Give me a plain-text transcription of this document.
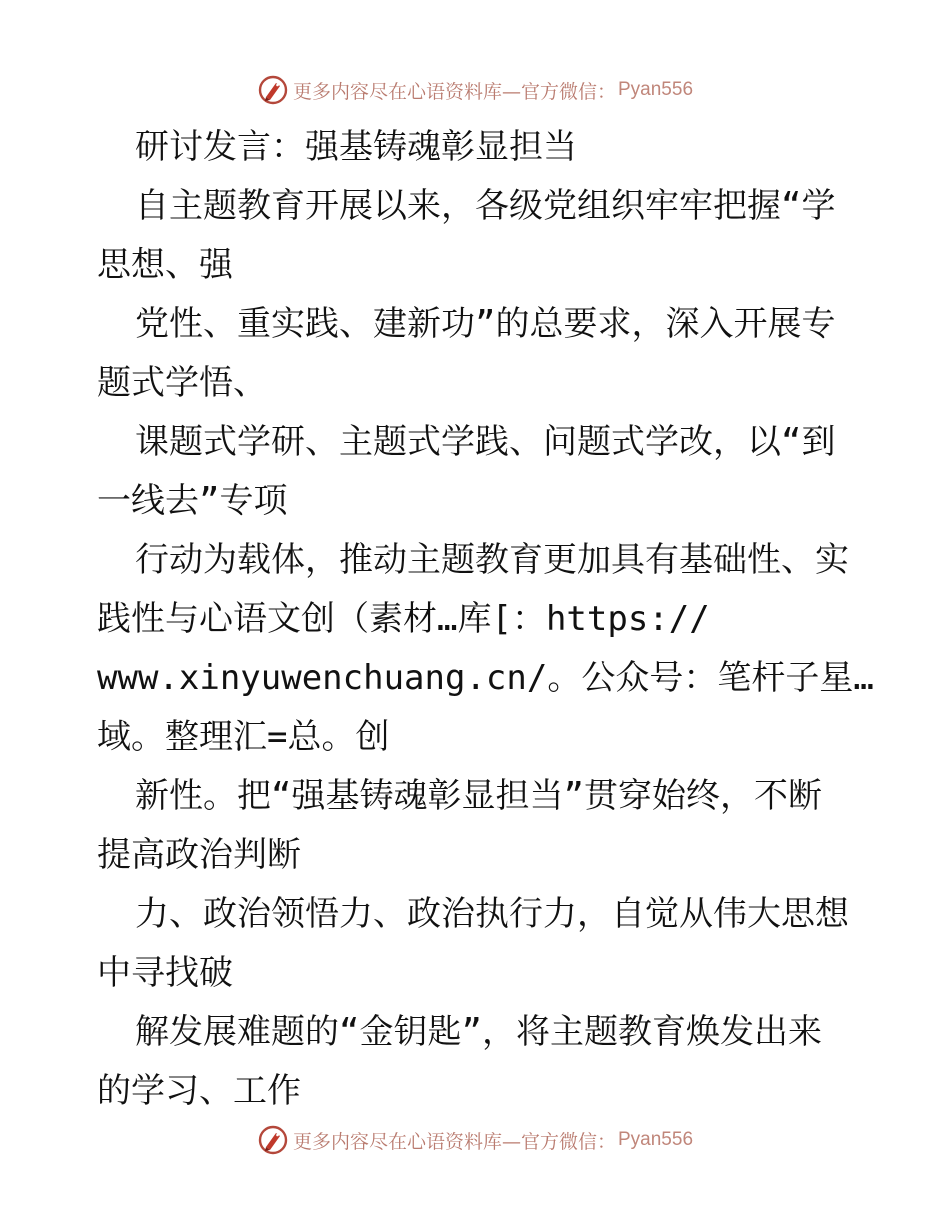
更多内容尽在心语资料库—官方微信： Pyan556
研讨发言：强基铸魂彰显担当
自主题教育开展以来，各级党组织牢牢把握“学
思想、强
党性、重实践、建新功”的总要求，深入开展专
题式学悟、
课题式学研、主题式学践、问题式学改，以“到
一线去”专项
行动为载体，推动主题教育更加具有基础性、实
践性与心语文创（素材…库[：https://
www.xinyuwenchuang.cn/。公众号：笔杆子星…
域。整理汇=总。创
新性。把“强基铸魂彰显担当”贯穿始终，不断
提高政治判断
力、政治领悟力、政治执行力，自觉从伟大思想
中寻找破
解发展难题的“金钥匙”，将主题教育焕发出来
的学习、工作
更多内容尽在心语资料库—官方微信： Pyan556
